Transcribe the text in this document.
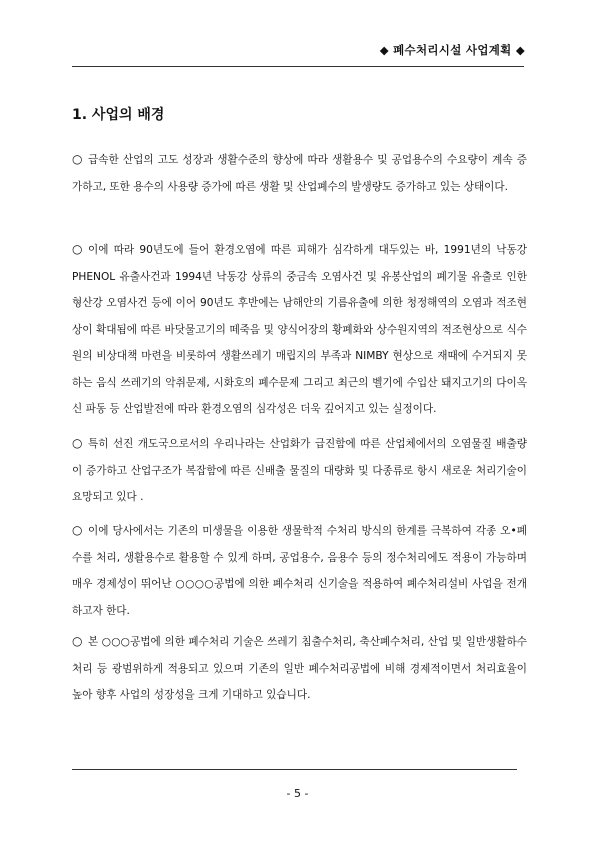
◆ 폐수처리시설 사업계획 ◆
1. 사업의 배경
○ 급속한 산업의 고도 성장과 생활수준의 향상에 따라 생활용수 및 공업용수의 수요량이 계속 증가하고, 또한 용수의 사용량 증가에 따른 생활 및 산업폐수의 발생량도 증가하고 있는 상태이다.
○ 이에 따라 90년도에 들어 환경오염에 따른 피해가 심각하게 대두있는 바, 1991년의 낙동강 PHENOL 유출사건과 1994년 낙동강 상류의 중금속 오염사건 및 유봉산업의 폐기물 유출로 인한 형산강 오염사건 등에 이어 90년도 후반에는 남해안의 기름유출에 의한 청정해역의 오염과 적조현상이 확대됨에 따른 바닷물고기의 떼죽음 및 양식어장의 황폐화와 상수원지역의 적조현상으로 식수원의 비상대책 마련을 비롯하여 생활쓰레기 매립지의 부족과 NIMBY 현상으로 재때에 수거되지 못하는 음식 쓰레기의 악취문제, 시화호의 폐수문제 그리고 최근의 벨기에 수입산 돼지고기의 다이옥신 파동 등 산업발전에 따라 환경오염의 심각성은 더욱 깊어지고 있는 실정이다.
○ 특히 선진 개도국으로서의 우리나라는 산업화가 급진함에 따른 산업체에서의 오염물질 배출량이 증가하고 산업구조가 복잡함에 따른 신배출 물질의 대량화 및 다종류로 항시 새로운 처리기술이 요망되고 있다 .
○ 이에 당사에서는 기존의 미생물을 이용한 생물학적 수처리 방식의 한계를 극복하여 각종 오•폐수를 처리, 생활용수로 활용할 수 있게 하며, 공업용수, 음용수 등의 정수처리에도 적용이 가능하며 매우 경제성이 뛰어난 ○○○○공법에 의한 폐수처리 신기술을 적용하여 폐수처리설비 사업을 전개하고자 한다.
○ 본 ○○○공법에 의한 폐수처리 기술은 쓰레기 침출수처리, 축산폐수처리, 산업 및 일반생활하수 처리 등 광범위하게 적용되고 있으며 기존의 일반 폐수처리공법에 비해 경제적이면서 처리효율이 높아 향후 사업의 성장성을 크게 기대하고 있습니다.
- 5 -
